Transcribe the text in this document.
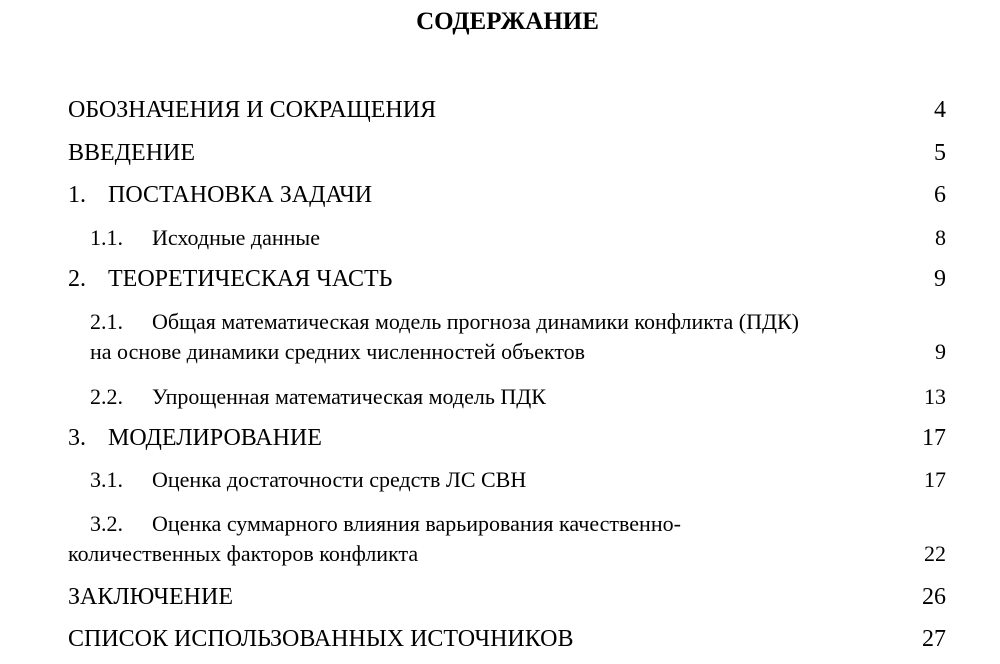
СОДЕРЖАНИЕ
ОБОЗНАЧЕНИЯ И СОКРАЩЕНИЯ	4
ВВЕДЕНИЕ	5
1. ПОСТАНОВКА ЗАДАЧИ	6
1.1. Исходные данные	8
2. ТЕОРЕТИЧЕСКАЯ ЧАСТЬ	9
2.1. Общая математическая модель прогноза динамики конфликта (ПДК)
на основе динамики средних численностей объектов	9
2.2. Упрощенная математическая модель ПДК	13
3. МОДЕЛИРОВАНИЕ	17
3.1. Оценка достаточности средств ЛС СВН	17
3.2. Оценка суммарного влияния варьирования качественно-
количественных факторов конфликта	22
ЗАКЛЮЧЕНИЕ	26
СПИСОК ИСПОЛЬЗОВАННЫХ ИСТОЧНИКОВ	27
